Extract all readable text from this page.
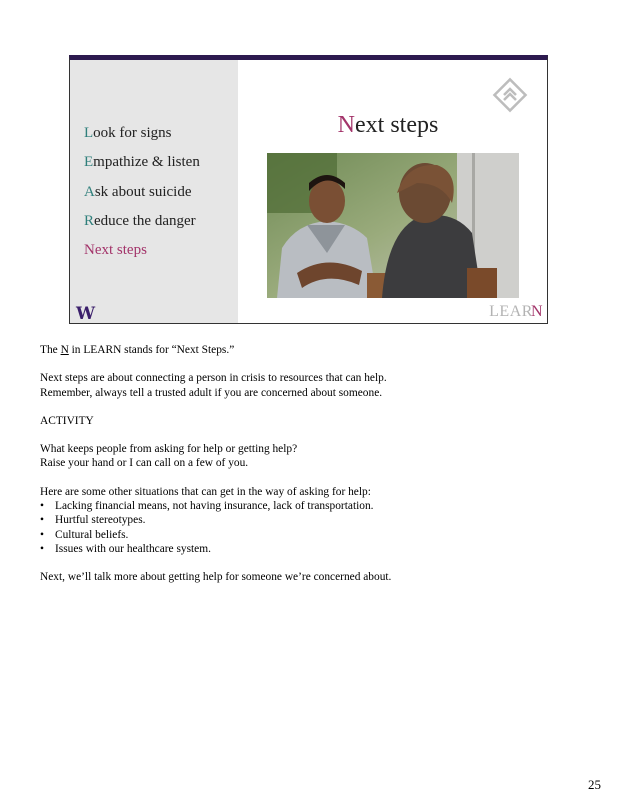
Look for signs
Empathize & listen
Ask about suicide
Reduce the danger
Next steps
W
Next steps
LEARN

The N in LEARN stands for “Next Steps.”

Next steps are about connecting a person in crisis to resources that can help.

Remember, always tell a trusted adult if you are concerned about someone.

ACTIVITY

What keeps people from asking for help or getting help?

Raise your hand or I can call on a few of you.

Here are some other situations that can get in the way of asking for help:

• Lacking financial means, not having insurance, lack of transportation.
• Hurtful stereotypes.
• Cultural beliefs.
• Issues with our healthcare system.

Next, we’ll talk more about getting help for someone we’re concerned about.

25
